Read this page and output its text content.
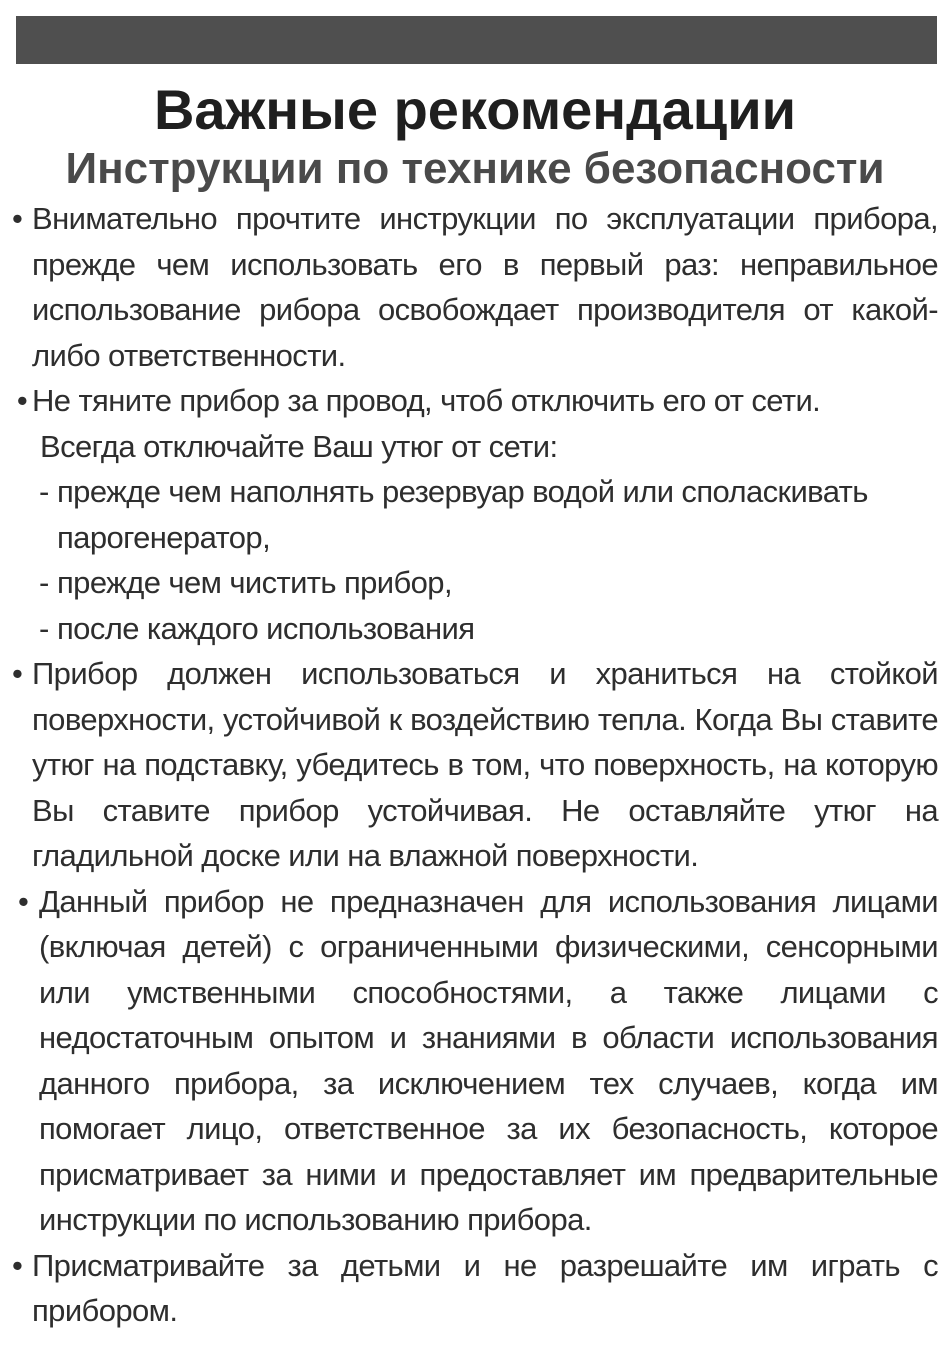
Важные рекомендации
Инструкции по технике безопасности
• Внимательно прочтите инструкции по эксплуатации прибора, прежде чем использовать его в первый раз: неправильное использование рибора освобождает производителя от какой-либо ответственности.
• Не тяните прибор за провод, чтоб отключить его от сети.
Всегда отключайте Ваш утюг от сети:
- прежде чем наполнять резервуар водой или споласкивать парогенератор,
- прежде чем чистить прибор,
- после каждого использования
• Прибор должен использоваться и храниться на стойкой поверхности, устойчивой к воздействию тепла. Когда Вы ставите утюг на подставку, убедитесь в том, что поверхность, на которую Вы ставите прибор устойчивая. Не оставляйте утюг на гладильной доске или на влажной поверхности.
• Данный прибор не предназначен для использования лицами (включая детей) с ограниченными физическими, сенсорными или умственными способностями, а также лицами с недостаточным опытом и знаниями в области использования данного прибора, за исключением тех случаев, когда им помогает лицо, ответственное за их безопасность, которое присматривает за ними и предоставляет им предварительные инструкции по использованию прибора.
• Присматривайте за детьми и не разрешайте им играть с прибором.
